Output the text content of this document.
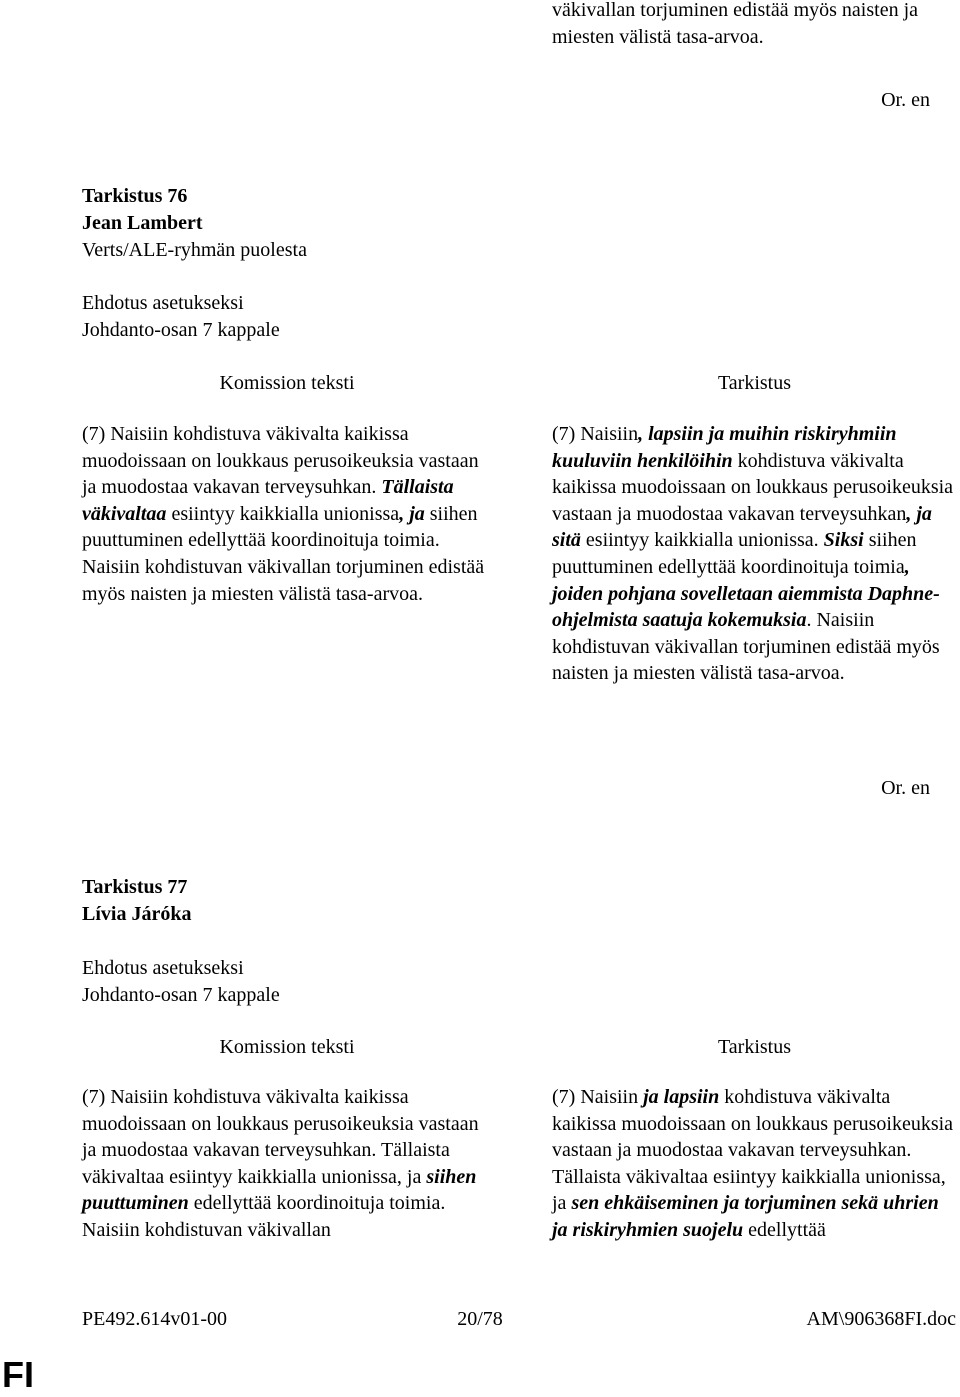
väkivallan torjuminen edistää myös naisten ja miesten välistä tasa-arvoa.

Or. en
Tarkistus 76
Jean Lambert
Verts/ALE-ryhmän puolesta
Ehdotus asetukseksi
Johdanto-osan 7 kappale
Komission teksti	Tarkistus

(7) Naisiin kohdistuva väkivalta kaikissa muodoissaan on loukkaus perusoikeuksia vastaan ja muodostaa vakavan terveysuhkan. Tällaista väkivaltaa esiintyy kaikkialla unionissa, ja siihen puuttuminen edellyttää koordinoituja toimia. Naisiin kohdistuvan väkivallan torjuminen edistää myös naisten ja miesten välistä tasa-arvoa.

(7) Naisiin, lapsiin ja muihin riskiryhmiin kuuluviin henkilöihin kohdistuva väkivalta kaikissa muodoissaan on loukkaus perusoikeuksia vastaan ja muodostaa vakavan terveysuhkan, ja sitä esiintyy kaikkialla unionissa. Siksi siihen puuttuminen edellyttää koordinoituja toimia, joiden pohjana sovelletaan aiemmista Daphne-ohjelmista saatuja kokemuksia. Naisiin kohdistuvan väkivallan torjuminen edistää myös naisten ja miesten välistä tasa-arvoa.

Or. en
Tarkistus 77
Lívia Járóka
Ehdotus asetukseksi
Johdanto-osan 7 kappale
Komission teksti	Tarkistus

(7) Naisiin kohdistuva väkivalta kaikissa muodoissaan on loukkaus perusoikeuksia vastaan ja muodostaa vakavan terveysuhkan. Tällaista väkivaltaa esiintyy kaikkialla unionissa, ja siihen puuttuminen edellyttää koordinoituja toimia. Naisiin kohdistuvan väkivallan

(7) Naisiin ja lapsiin kohdistuva väkivalta kaikissa muodoissaan on loukkaus perusoikeuksia vastaan ja muodostaa vakavan terveysuhkan. Tällaista väkivaltaa esiintyy kaikkialla unionissa, ja sen ehkäiseminen ja torjuminen sekä uhrien ja riskiryhmien suojelu edellyttää

PE492.614v01-00	20/78	AM\906368FI.doc
FI
